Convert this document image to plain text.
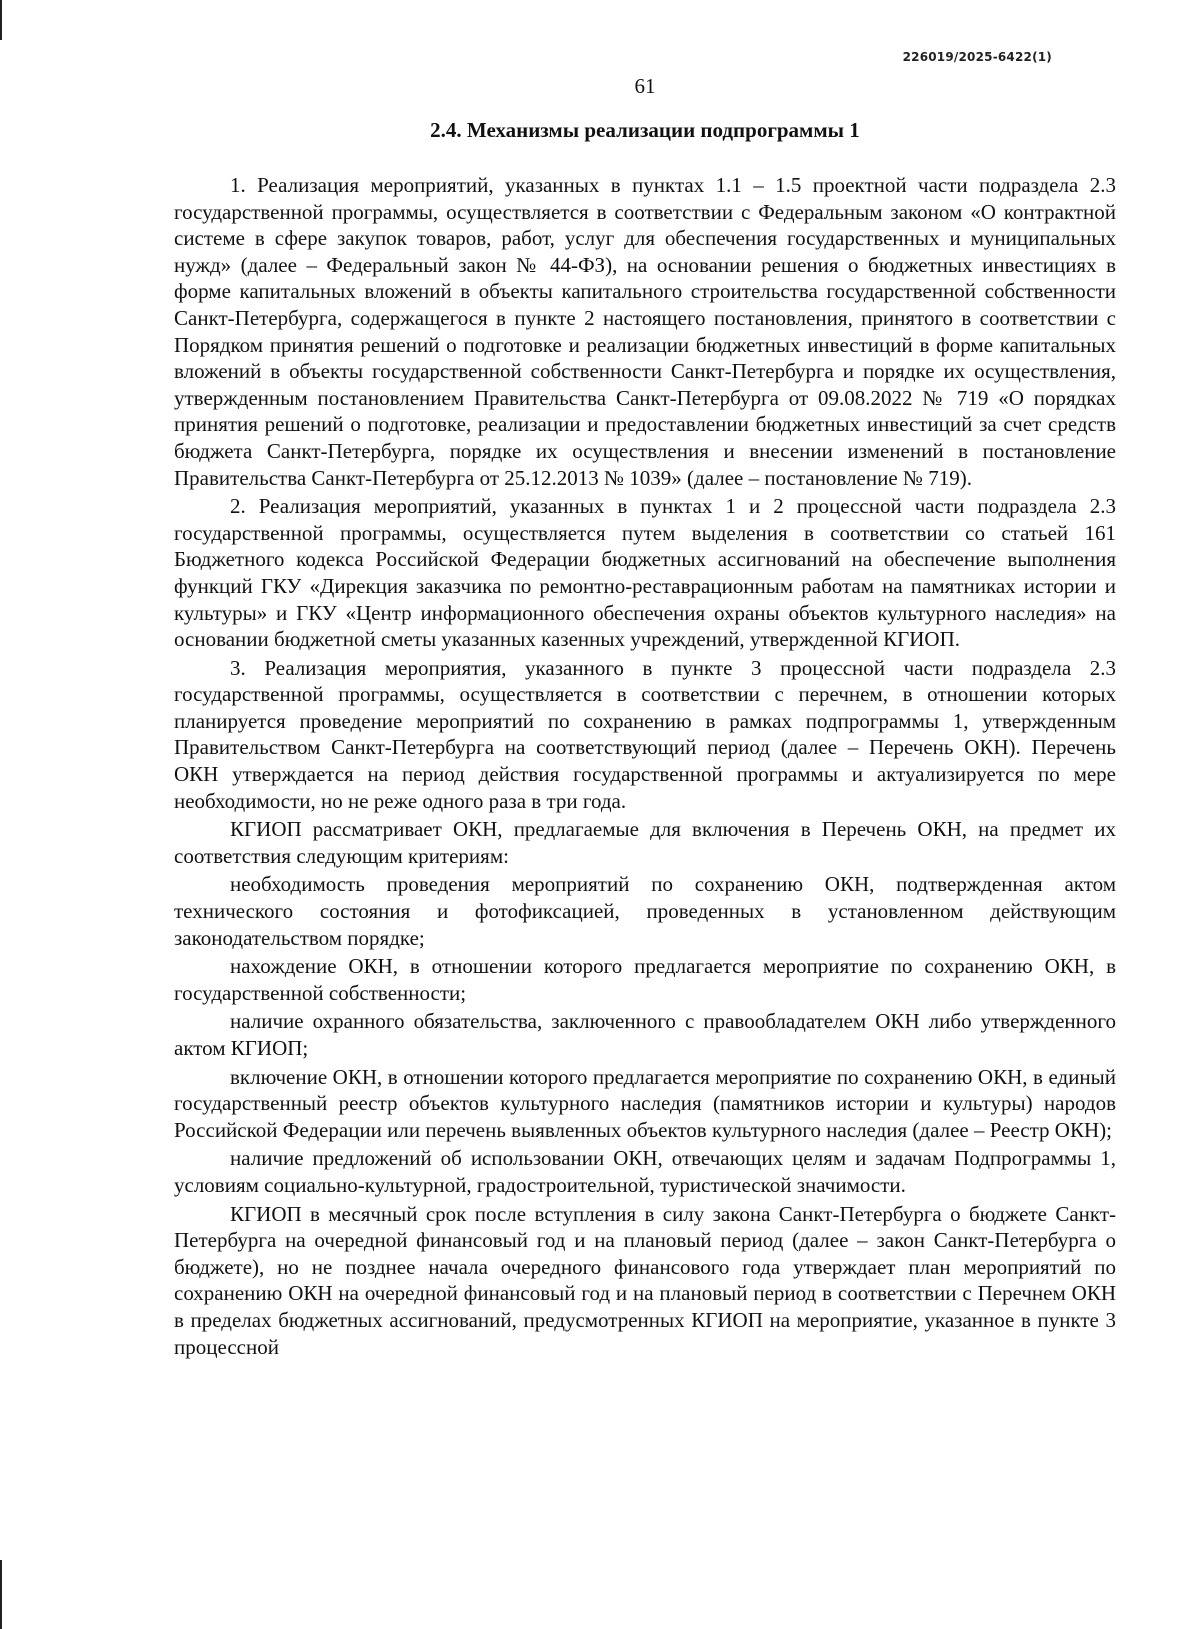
226019/2025-6422(1)
61
2.4. Механизмы реализации подпрограммы 1

1. Реализация мероприятий, указанных в пунктах 1.1 – 1.5 проектной части подраздела 2.3 государственной программы, осуществляется в соответствии с Федеральным законом «О контрактной системе в сфере закупок товаров, работ, услуг для обеспечения государственных и муниципальных нужд» (далее – Федеральный закон № 44-ФЗ), на основании решения о бюджетных инвестициях в форме капитальных вложений в объекты капитального строительства государственной собственности Санкт-Петербурга, содержащегося в пункте 2 настоящего постановления, принятого в соответствии с Порядком принятия решений о подготовке и реализации бюджетных инвестиций в форме капитальных вложений в объекты государственной собственности Санкт-Петербурга и порядке их осуществления, утвержденным постановлением Правительства Санкт-Петербурга от 09.08.2022 № 719 «О порядках принятия решений о подготовке, реализации и предоставлении бюджетных инвестиций за счет средств бюджета Санкт-Петербурга, порядке их осуществления и внесении изменений в постановление Правительства Санкт-Петербурга от 25.12.2013 № 1039» (далее – постановление № 719).

2. Реализация мероприятий, указанных в пунктах 1 и 2 процессной части подраздела 2.3 государственной программы, осуществляется путем выделения в соответствии со статьей 161 Бюджетного кодекса Российской Федерации бюджетных ассигнований на обеспечение выполнения функций ГКУ «Дирекция заказчика по ремонтно-реставрационным работам на памятниках истории и культуры» и ГКУ «Центр информационного обеспечения охраны объектов культурного наследия» на основании бюджетной сметы указанных казенных учреждений, утвержденной КГИОП.

3. Реализация мероприятия, указанного в пункте 3 процессной части подраздела 2.3 государственной программы, осуществляется в соответствии с перечнем, в отношении которых планируется проведение мероприятий по сохранению в рамках подпрограммы 1, утвержденным Правительством Санкт-Петербурга на соответствующий период (далее – Перечень ОКН). Перечень ОКН утверждается на период действия государственной программы и актуализируется по мере необходимости, но не реже одного раза в три года.

КГИОП рассматривает ОКН, предлагаемые для включения в Перечень ОКН, на предмет их соответствия следующим критериям:

необходимость проведения мероприятий по сохранению ОКН, подтвержденная актом технического состояния и фотофиксацией, проведенных в установленном действующим законодательством порядке;

нахождение ОКН, в отношении которого предлагается мероприятие по сохранению ОКН, в государственной собственности;

наличие охранного обязательства, заключенного с правообладателем ОКН либо утвержденного актом КГИОП;

включение ОКН, в отношении которого предлагается мероприятие по сохранению ОКН, в единый государственный реестр объектов культурного наследия (памятников истории и культуры) народов Российской Федерации или перечень выявленных объектов культурного наследия (далее – Реестр ОКН);

наличие предложений об использовании ОКН, отвечающих целям и задачам Подпрограммы 1, условиям социально-культурной, градостроительной, туристической значимости.

КГИОП в месячный срок после вступления в силу закона Санкт-Петербурга о бюджете Санкт-Петербурга на очередной финансовый год и на плановый период (далее – закон Санкт-Петербурга о бюджете), но не позднее начала очередного финансового года утверждает план мероприятий по сохранению ОКН на очередной финансовый год и на плановый период в соответствии с Перечнем ОКН в пределах бюджетных ассигнований, предусмотренных КГИОП на мероприятие, указанное в пункте 3 процессной
